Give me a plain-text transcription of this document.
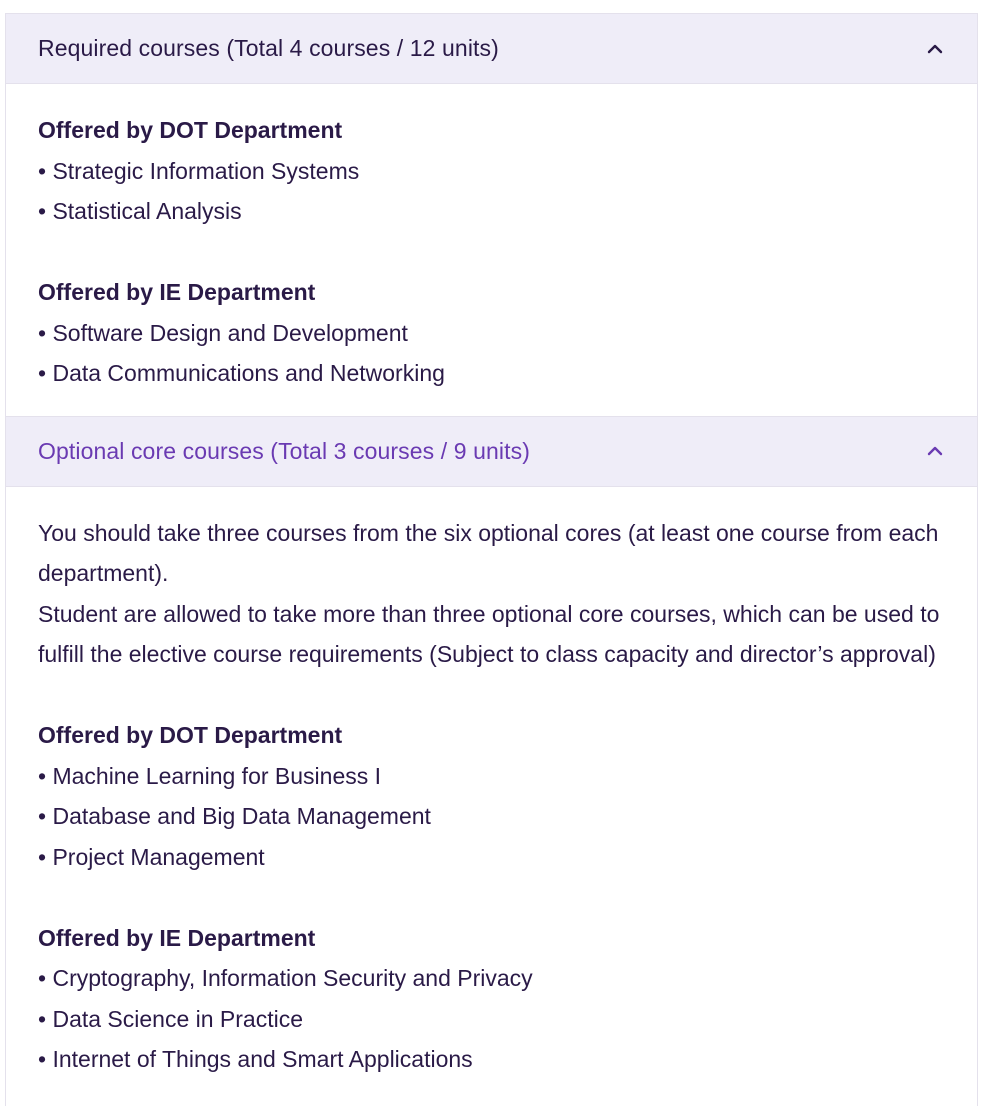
Required courses (Total 4 courses / 12 units)
Offered by DOT Department
• Strategic Information Systems
• Statistical Analysis
Offered by IE Department
• Software Design and Development
• Data Communications and Networking
Optional core courses (Total 3 courses / 9 units)

You should take three courses from the six optional cores (at least one course from each department).

Student are allowed to take more than three optional core courses, which can be used to fulfill the elective course requirements (Subject to class capacity and director’s approval)

Offered by DOT Department
• Machine Learning for Business I
• Database and Big Data Management
• Project Management
Offered by IE Department
• Cryptography, Information Security and Privacy
• Data Science in Practice
• Internet of Things and Smart Applications
